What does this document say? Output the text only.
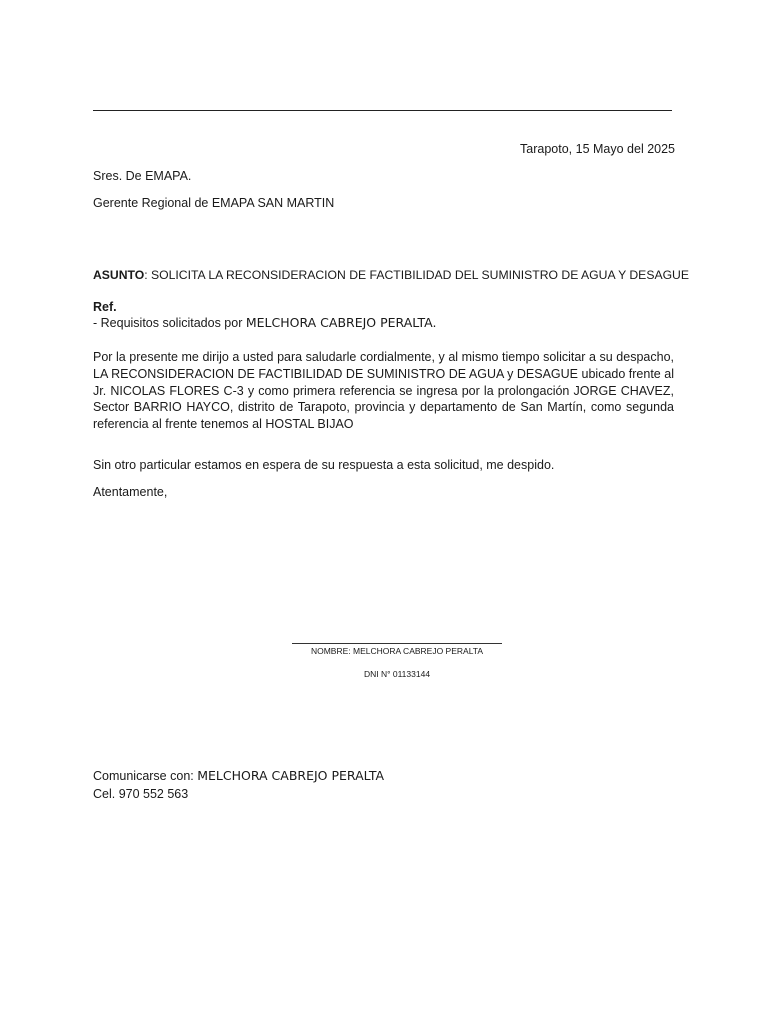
Tarapoto, 15 Mayo del 2025
Sres. De EMAPA.
Gerente Regional de EMAPA SAN MARTIN
ASUNTO: SOLICITA LA RECONSIDERACION DE FACTIBILIDAD DEL SUMINISTRO DE AGUA Y DESAGUE
Ref.
- Requisitos solicitados por MELCHORA CABREJO PERALTA.
Por la presente me dirijo a usted para saludarle cordialmente, y al mismo tiempo solicitar a su despacho, LA RECONSIDERACION DE FACTIBILIDAD DE SUMINISTRO DE AGUA y DESAGUE ubicado frente al Jr. NICOLAS FLORES C-3 y como primera referencia se ingresa por la prolongación JORGE CHAVEZ, Sector BARRIO HAYCO, distrito de Tarapoto, provincia y departamento de San Martín, como segunda referencia al frente tenemos al HOSTAL BIJAO
Sin otro particular estamos en espera de su respuesta a esta solicitud, me despido.
Atentamente,
NOMBRE: MELCHORA CABREJO PERALTA
DNI N° 01133144
Comunicarse con: MELCHORA CABREJO PERALTA
Cel. 970 552 563
